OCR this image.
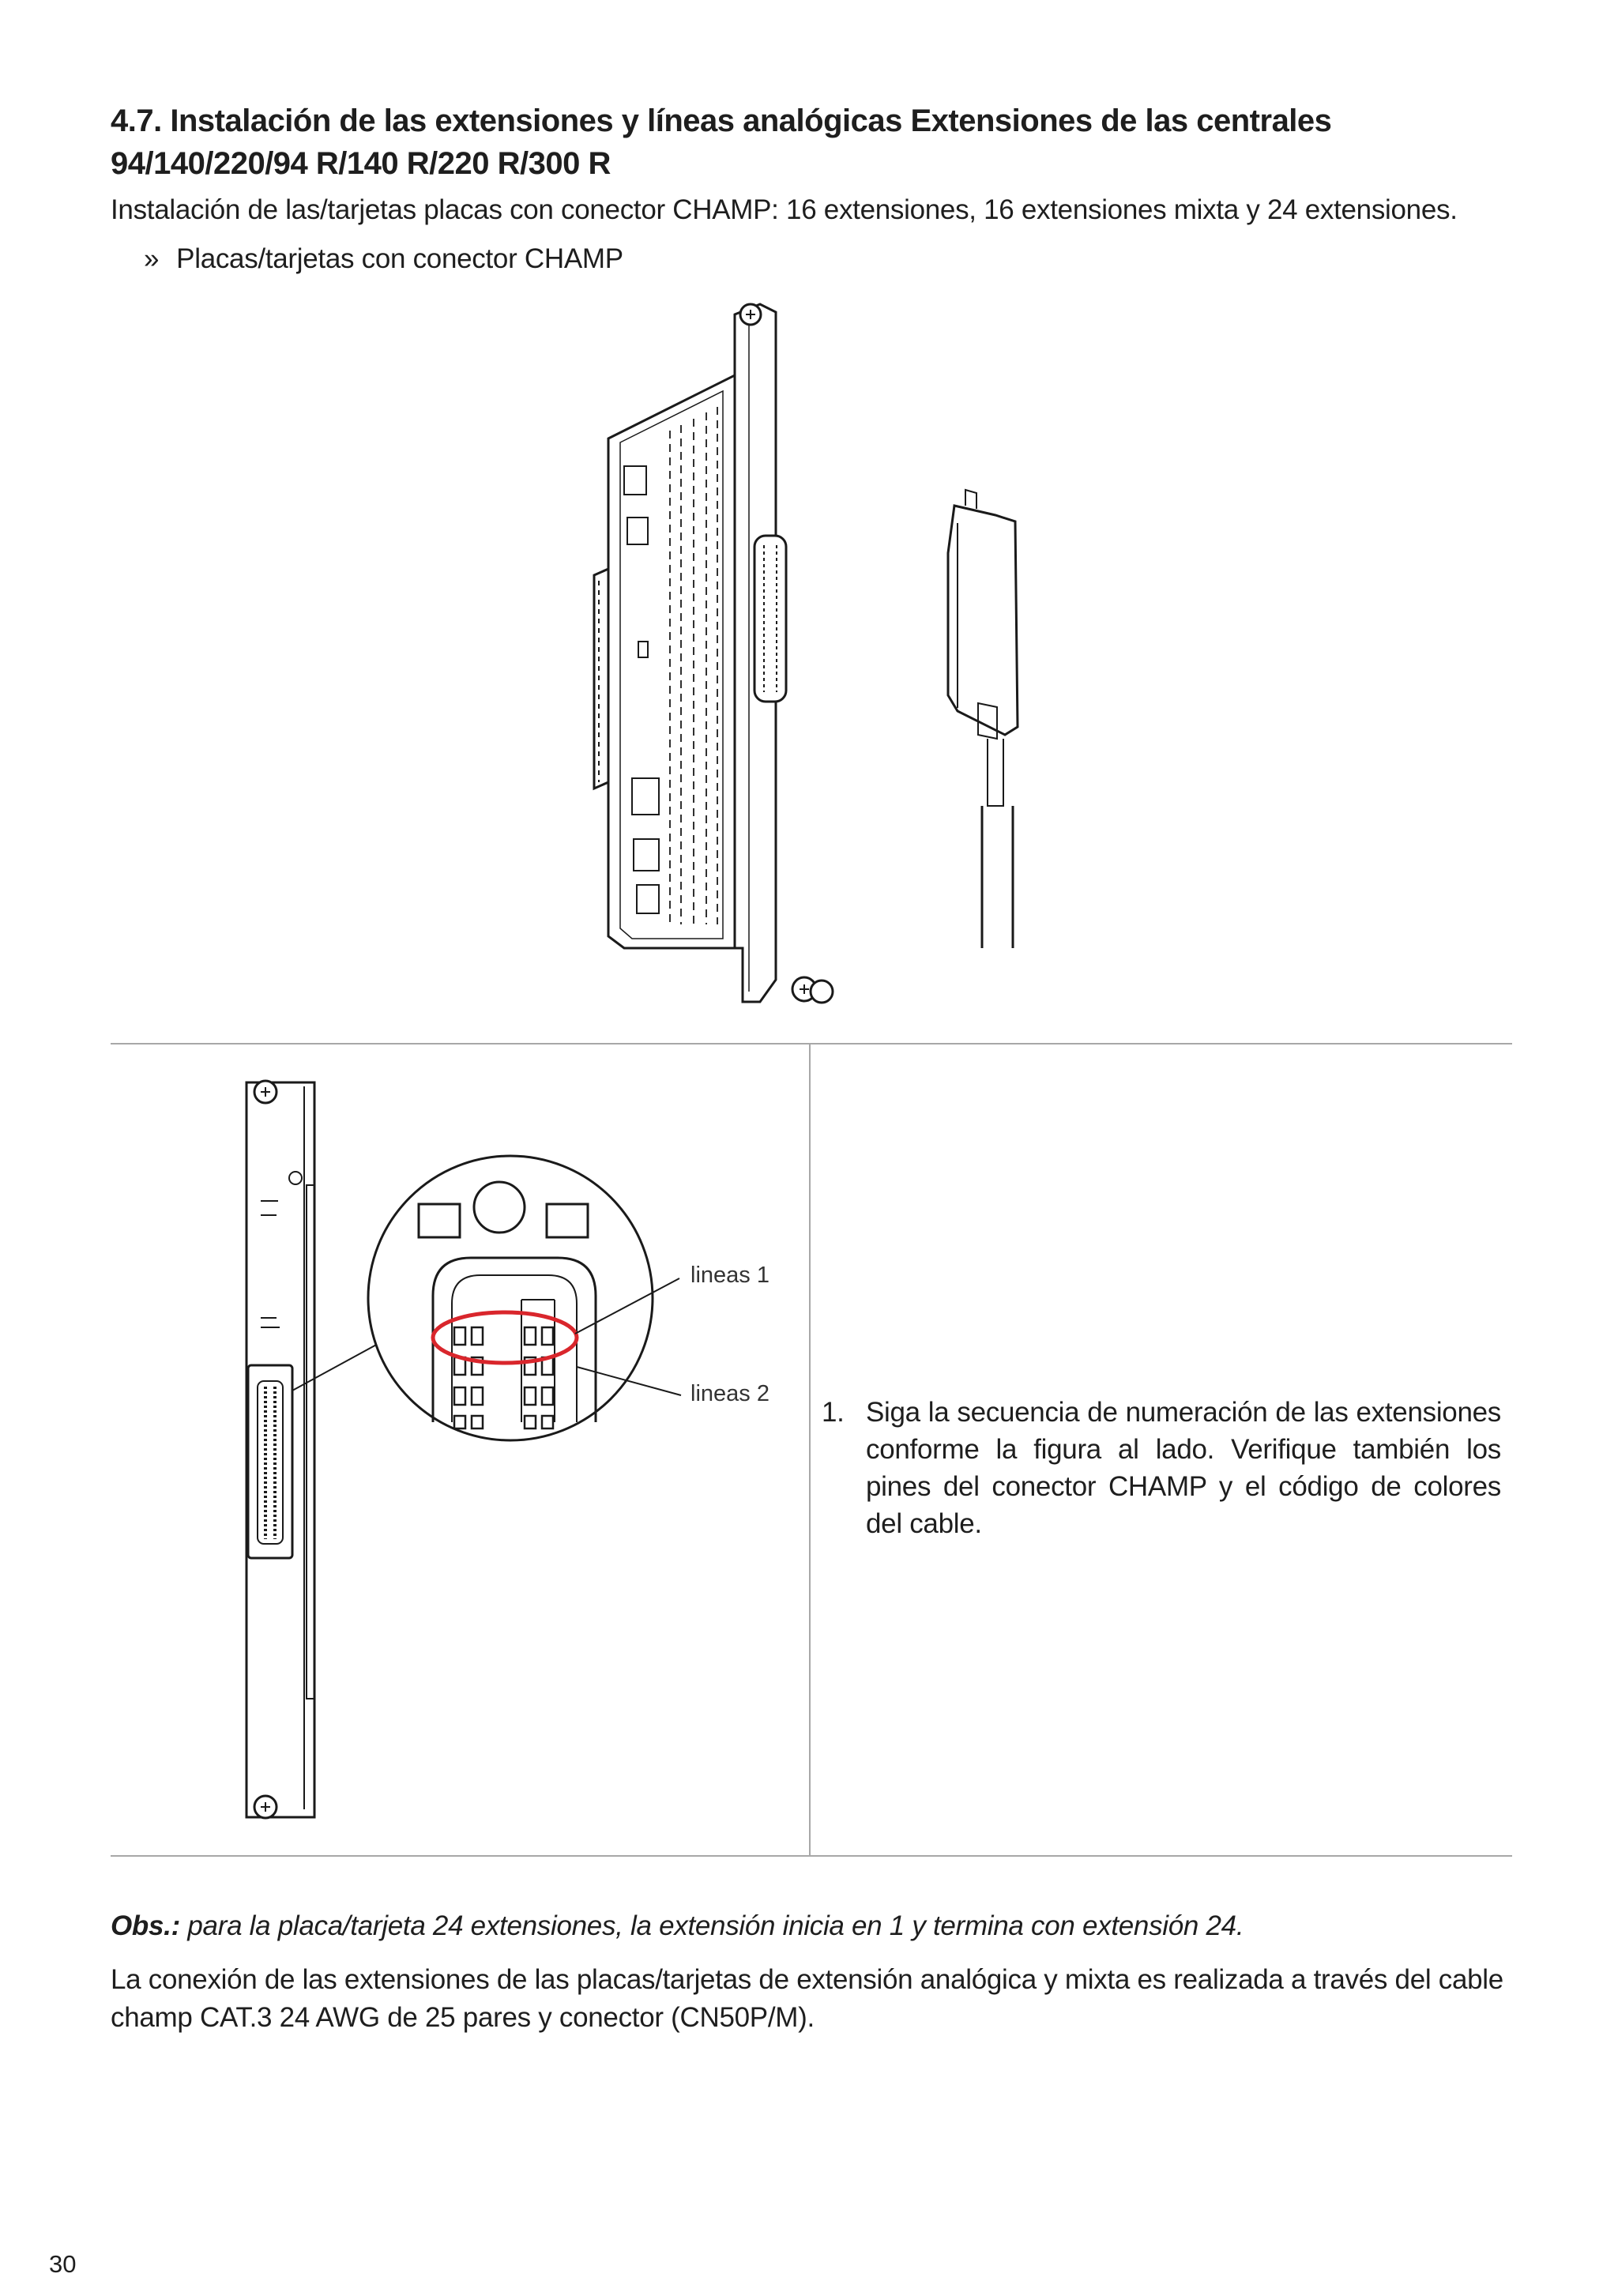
4.7. Instalación de las extensiones y líneas analógicas Extensiones de las centrales 94/140/220/94 R/140 R/220 R/300 R

Instalación de las/tarjetas placas con conector CHAMP: 16 extensiones, 16 extensiones mixta y 24 extensiones.

» Placas/tarjetas con conector CHAMP
lineas 1
lineas 2

1. Siga la secuencia de numeración de las extensiones conforme la figura al lado. Verifique también los pines del conector CHAMP y el código de colores del cable.

Obs.: para la placa/tarjeta 24 extensiones, la extensión inicia en 1 y termina con extensión 24.

La conexión de las extensiones de las placas/tarjetas de extensión analógica y mixta es realizada a través del cable champ CAT.3 24 AWG de 25 pares y conector (CN50P/M).

30
